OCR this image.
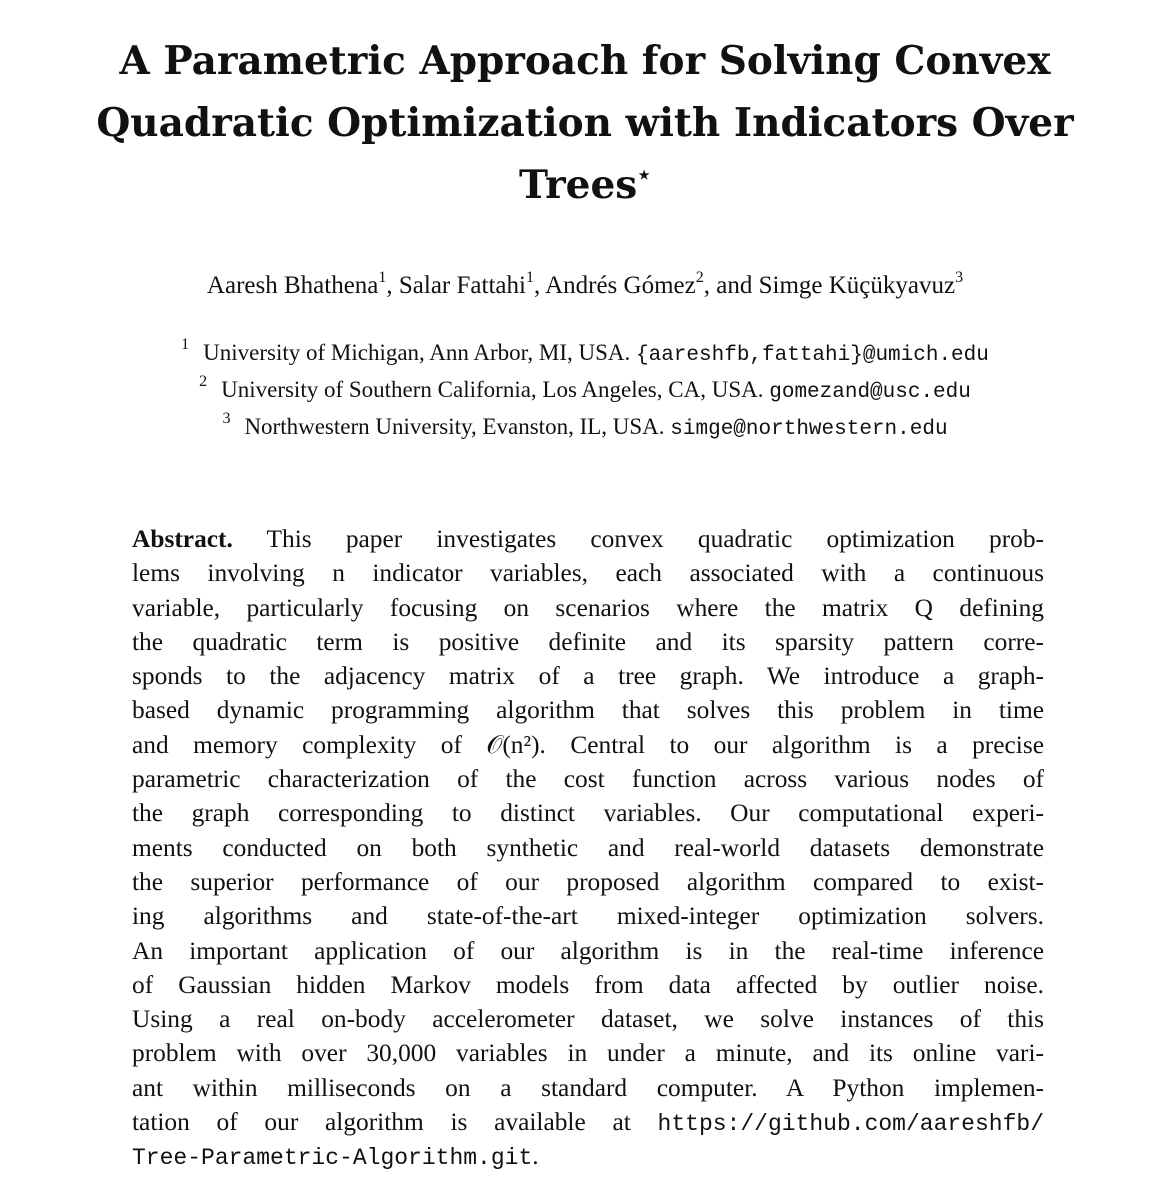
A Parametric Approach for Solving Convex
Quadratic Optimization with Indicators Over
Trees⋆
Aaresh Bhathena$^1$, Salar Fattahi$^1$, Andrés Gómez$^2$, and Simge Küçükyavuz$^3$
$^1$ University of Michigan, Ann Arbor, MI, USA. {aareshfb,fattahi}@umich.edu
$^2$ University of Southern California, Los Angeles, CA, USA. gomezand@usc.edu
$^3$ Northwestern University, Evanston, IL, USA. simge@northwestern.edu
Abstract. This paper investigates convex quadratic optimization prob-
lems involving n indicator variables, each associated with a continuous
variable, particularly focusing on scenarios where the matrix Q defining
the quadratic term is positive definite and its sparsity pattern corre-
sponds to the adjacency matrix of a tree graph. We introduce a graph-
based dynamic programming algorithm that solves this problem in time
and memory complexity of 𝒪(n²). Central to our algorithm is a precise
parametric characterization of the cost function across various nodes of
the graph corresponding to distinct variables. Our computational experi-
ments conducted on both synthetic and real-world datasets demonstrate
the superior performance of our proposed algorithm compared to exist-
ing algorithms and state-of-the-art mixed-integer optimization solvers.
An important application of our algorithm is in the real-time inference
of Gaussian hidden Markov models from data affected by outlier noise.
Using a real on-body accelerometer dataset, we solve instances of this
problem with over 30,000 variables in under a minute, and its online vari-
ant within milliseconds on a standard computer. A Python implemen-
tation of our algorithm is available at https://github.com/aareshfb/
Tree-Parametric-Algorithm.git.
